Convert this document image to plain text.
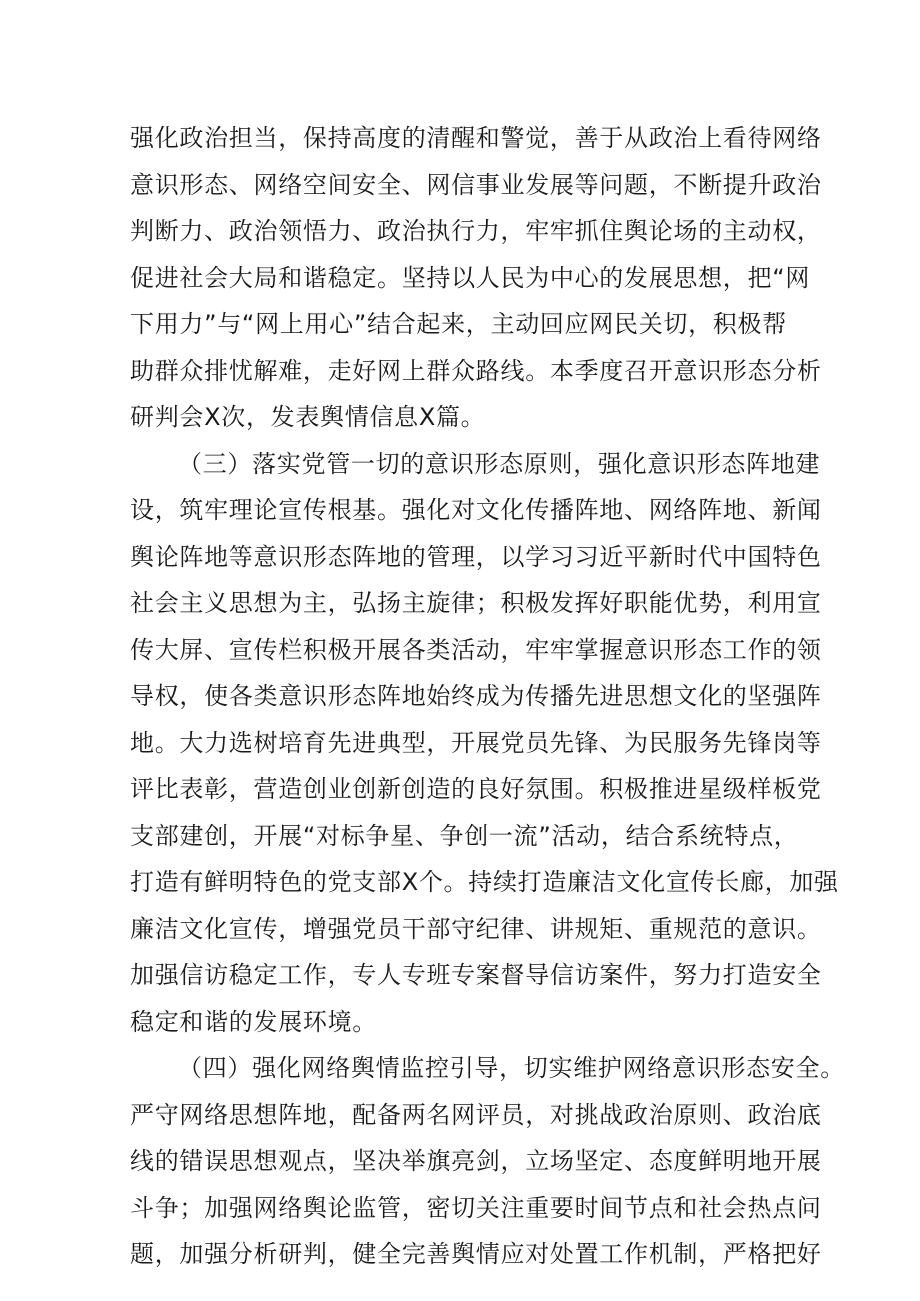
强化政治担当，保持高度的清醒和警觉，善于从政治上看待网络
意识形态、网络空间安全、网信事业发展等问题，不断提升政治
判断力、政治领悟力、政治执行力，牢牢抓住舆论场的主动权，
促进社会大局和谐稳定。坚持以人民为中心的发展思想，把“网
下用力”与“网上用心”结合起来，主动回应网民关切，积极帮
助群众排忧解难，走好网上群众路线。本季度召开意识形态分析
研判会X次，发表舆情信息X篇。
（三）落实党管一切的意识形态原则，强化意识形态阵地建
设，筑牢理论宣传根基。强化对文化传播阵地、网络阵地、新闻
舆论阵地等意识形态阵地的管理，以学习习近平新时代中国特色
社会主义思想为主，弘扬主旋律；积极发挥好职能优势，利用宣
传大屏、宣传栏积极开展各类活动，牢牢掌握意识形态工作的领
导权，使各类意识形态阵地始终成为传播先进思想文化的坚强阵
地。大力选树培育先进典型，开展党员先锋、为民服务先锋岗等
评比表彰，营造创业创新创造的良好氛围。积极推进星级样板党
支部建创，开展“对标争星、争创一流”活动，结合系统特点，
打造有鲜明特色的党支部X个。持续打造廉洁文化宣传长廊，加强
廉洁文化宣传，增强党员干部守纪律、讲规矩、重规范的意识。
加强信访稳定工作，专人专班专案督导信访案件，努力打造安全
稳定和谐的发展环境。
（四）强化网络舆情监控引导，切实维护网络意识形态安全。
严守网络思想阵地，配备两名网评员，对挑战政治原则、政治底
线的错误思想观点，坚决举旗亮剑，立场坚定、态度鲜明地开展
斗争；加强网络舆论监管，密切关注重要时间节点和社会热点问
题，加强分析研判，健全完善舆情应对处置工作机制，严格把好
